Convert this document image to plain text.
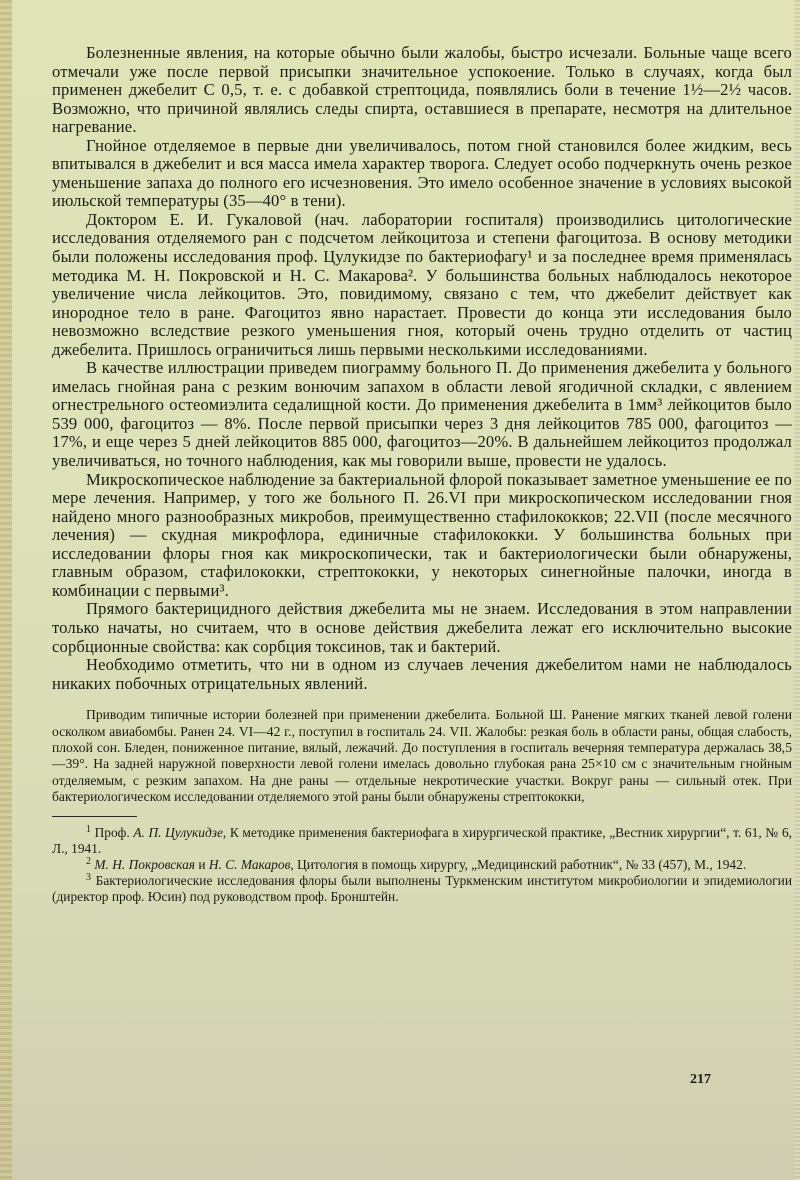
Болезненные явления, на которые обычно были жалобы, быстро исчезали. Больные чаще всего отмечали уже после первой присыпки значительное успокоение. Только в случаях, когда был применен джебелит С 0,5, т. е. с добавкой стрептоцида, появлялись боли в течение 1½—2½ часов. Возможно, что причиной являлись следы спирта, оставшиеся в препарате, несмотря на длительное нагревание.

Гнойное отделяемое в первые дни увеличивалось, потом гной становился более жидким, весь впитывался в джебелит и вся масса имела характер творога. Следует особо подчеркнуть очень резкое уменьшение запаха до полного его исчезновения. Это имело особенное значение в условиях высокой июльской температуры (35—40° в тени).

Доктором Е. И. Гукаловой (нач. лаборатории госпиталя) производились цитологические исследования отделяемого ран с подсчетом лейкоцитоза и степени фагоцитоза. В основу методики были положены исследования проф. Цулукидзе по бактериофагу¹ и за последнее время применялась методика М. Н. Покровской и Н. С. Макарова². У большинства больных наблюдалось некоторое увеличение числа лейкоцитов. Это, повидимому, связано с тем, что джебелит действует как инородное тело в ране. Фагоцитоз явно нарастает. Провести до конца эти исследования было невозможно вследствие резкого уменьшения гноя, который очень трудно отделить от частиц джебелита. Пришлось ограничиться лишь первыми несколькими исследованиями.

В качестве иллюстрации приведем пиограмму больного П. До применения джебелита у больного имелась гнойная рана с резким вонючим запахом в области левой ягодичной складки, с явлением огнестрельного остеомиэлита седалищной кости. До применения джебелита в 1мм³ лейкоцитов было 539 000, фагоцитоз — 8%. После первой присыпки через 3 дня лейкоцитов 785 000, фагоцитоз — 17%, и еще через 5 дней лейкоцитов 885 000, фагоцитоз—20%. В дальнейшем лейкоцитоз продолжал увеличиваться, но точного наблюдения, как мы говорили выше, провести не удалось.

Микроскопическое наблюдение за бактериальной флорой показывает заметное уменьшение ее по мере лечения. Например, у того же больного П. 26.VI при микроскопическом исследовании гноя найдено много разнообразных микробов, преимущественно стафилококков; 22.VII (после месячного лечения) — скудная микрофлора, единичные стафилококки. У большинства больных при исследовании флоры гноя как микроскопически, так и бактериологически были обнаружены, главным образом, стафилококки, стрептококки, у некоторых синегнойные палочки, иногда в комбинации с первыми³.

Прямого бактерицидного действия джебелита мы не знаем. Исследования в этом направлении только начаты, но считаем, что в основе действия джебелита лежат его исключительно высокие сорбционные свойства: как сорбция токсинов, так и бактерий.

Необходимо отметить, что ни в одном из случаев лечения джебелитом нами не наблюдалось никаких побочных отрицательных явлений.

Приводим типичные истории болезней при применении джебелита. Больной Ш. Ранение мягких тканей левой голени осколком авиабомбы. Ранен 24. VI—42 г., поступил в госпиталь 24. VII. Жалобы: резкая боль в области раны, общая слабость, плохой сон. Бледен, пониженное питание, вялый, лежачий. До поступления в госпиталь вечерняя температура держалась 38,5—39°. На задней наружной поверхности левой голени имелась довольно глубокая рана 25×10 см с значительным гнойным отделяемым, с резким запахом. На дне раны — отдельные некротические участки. Вокруг раны — сильный отек. При бактериологическом исследовании отделяемого этой раны были обнаружены стрептококки,

$^1$ Проф. А. П. Цулукидзе, К методике применения бактериофага в хирургической практике, „Вестник хирургии“, т. 61, № 6, Л., 1941.

$^2$ М. Н. Покровская и Н. С. Макаров, Цитология в помощь хирургу, „Медицинский работник“, № 33 (457), М., 1942.

$^3$ Бактериологические исследования флоры были выполнены Туркменским институтом микробиологии и эпидемиологии (директор проф. Юсин) под руководством проф. Бронштейн.

217
